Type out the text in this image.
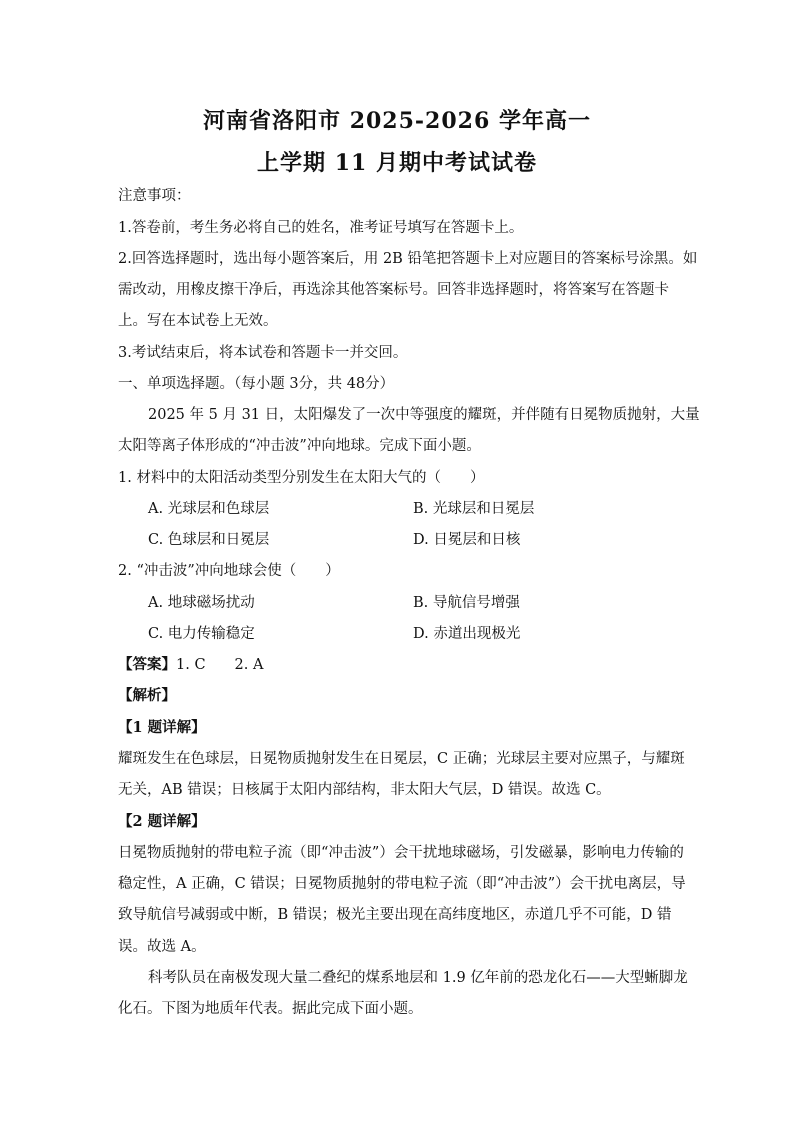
河南省洛阳市 2025-2026 学年高一
上学期 11 月期中考试试卷
注意事项：
1.答卷前，考生务必将自己的姓名，准考证号填写在答题卡上。
2.回答选择题时，选出每小题答案后，用 2B 铅笔把答题卡上对应题目的答案标号涂黑。如
需改动，用橡皮擦干净后，再选涂其他答案标号。回答非选择题时，将答案写在答题卡
上。写在本试卷上无效。
3.考试结束后，将本试卷和答题卡一并交回。
一、单项选择题。（每小题 3分，共 48分）
2025 年 5 月 31 日，太阳爆发了一次中等强度的耀斑，并伴随有日冕物质抛射，大量
太阳等离子体形成的“冲击波”冲向地球。完成下面小题。
1. 材料中的太阳活动类型分别发生在太阳大气的（　　）
A. 光球层和色球层	B. 光球层和日冕层
C. 色球层和日冕层	D. 日冕层和日核
2. “冲击波”冲向地球会使（　　）
A. 地球磁场扰动	B. 导航信号增强
C. 电力传输稳定	D. 赤道出现极光
【答案】1. C　　2. A
【解析】
【1 题详解】
耀斑发生在色球层，日冕物质抛射发生在日冕层，C 正确；光球层主要对应黑子，与耀斑
无关，AB 错误；日核属于太阳内部结构，非太阳大气层，D 错误。故选 C。
【2 题详解】
日冕物质抛射的带电粒子流（即“冲击波”）会干扰地球磁场，引发磁暴，影响电力传输的
稳定性，A 正确，C 错误；日冕物质抛射的带电粒子流（即“冲击波”）会干扰电离层，导
致导航信号减弱或中断，B 错误；极光主要出现在高纬度地区，赤道几乎不可能，D 错
误。故选 A。
科考队员在南极发现大量二叠纪的煤系地层和 1.9 亿年前的恐龙化石——大型蜥脚龙
化石。下图为地质年代表。据此完成下面小题。
